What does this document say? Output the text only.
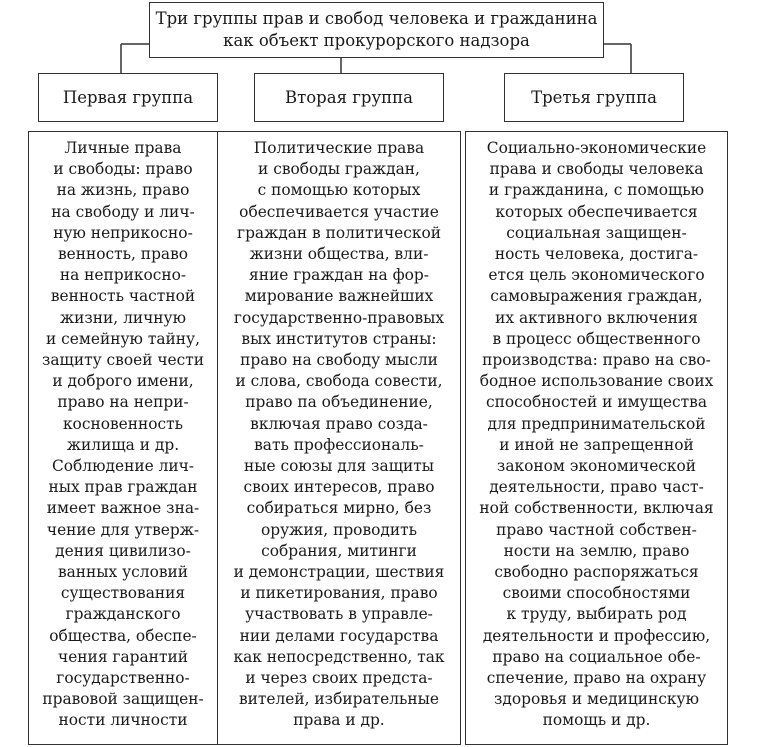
Три группы прав и свобод человека и гражданина
как объект прокурорского надзора
Первая группа	Вторая группа	Третья группа
Личные права
и свободы: право
на жизнь, право
на свободу и лич-
ную неприкосно-
венность, право
на неприкосно-
венность частной
жизни, личную
и семейную тайну,
защиту своей чести
и доброго имени,
право на непри-
косновенность
жилища и др.
Соблюдение лич-
ных прав граждан
имеет важное зна-
чение для утверж-
дения цивилизо-
ванных условий
существования
гражданского
общества, обеспе-
чения гарантий
государственно-
правовой защищен-
ности личности
Политические права
и свободы граждан,
с помощью которых
обеспечивается участие
граждан в политической
жизни общества, вли-
яние граждан на фор-
мирование важнейших
государственно-правовых
вых институтов страны:
право на свободу мысли
и слова, свобода совести,
право па объединение,
включая право созда-
вать профессиональ-
ные союзы для защиты
своих интересов, право
собираться мирно, без
оружия, проводить
собрания, митинги
и демонстрации, шествия
и пикетирования, право
участвовать в управле-
нии делами государства
как непосредственно, так
и через своих предста-
вителей, избирательные
права и др.
Социально-экономические
права и свободы человека
и гражданина, с помощью
которых обеспечивается
социальная защищен-
ность человека, достига-
ется цель экономического
самовыражения граждан,
их активного включения
в процесс общественного
производства: право на сво-
бодное использование своих
способностей и имущества
для предпринимательской
и иной не запрещенной
законом экономической
деятельности, право част-
ной собственности, включая
право частной собствен-
ности на землю, право
свободно распоряжаться
своими способностями
к труду, выбирать род
деятельности и профессию,
право на социальное обе-
спечение, право на охрану
здоровья и медицинскую
помощь и др.
